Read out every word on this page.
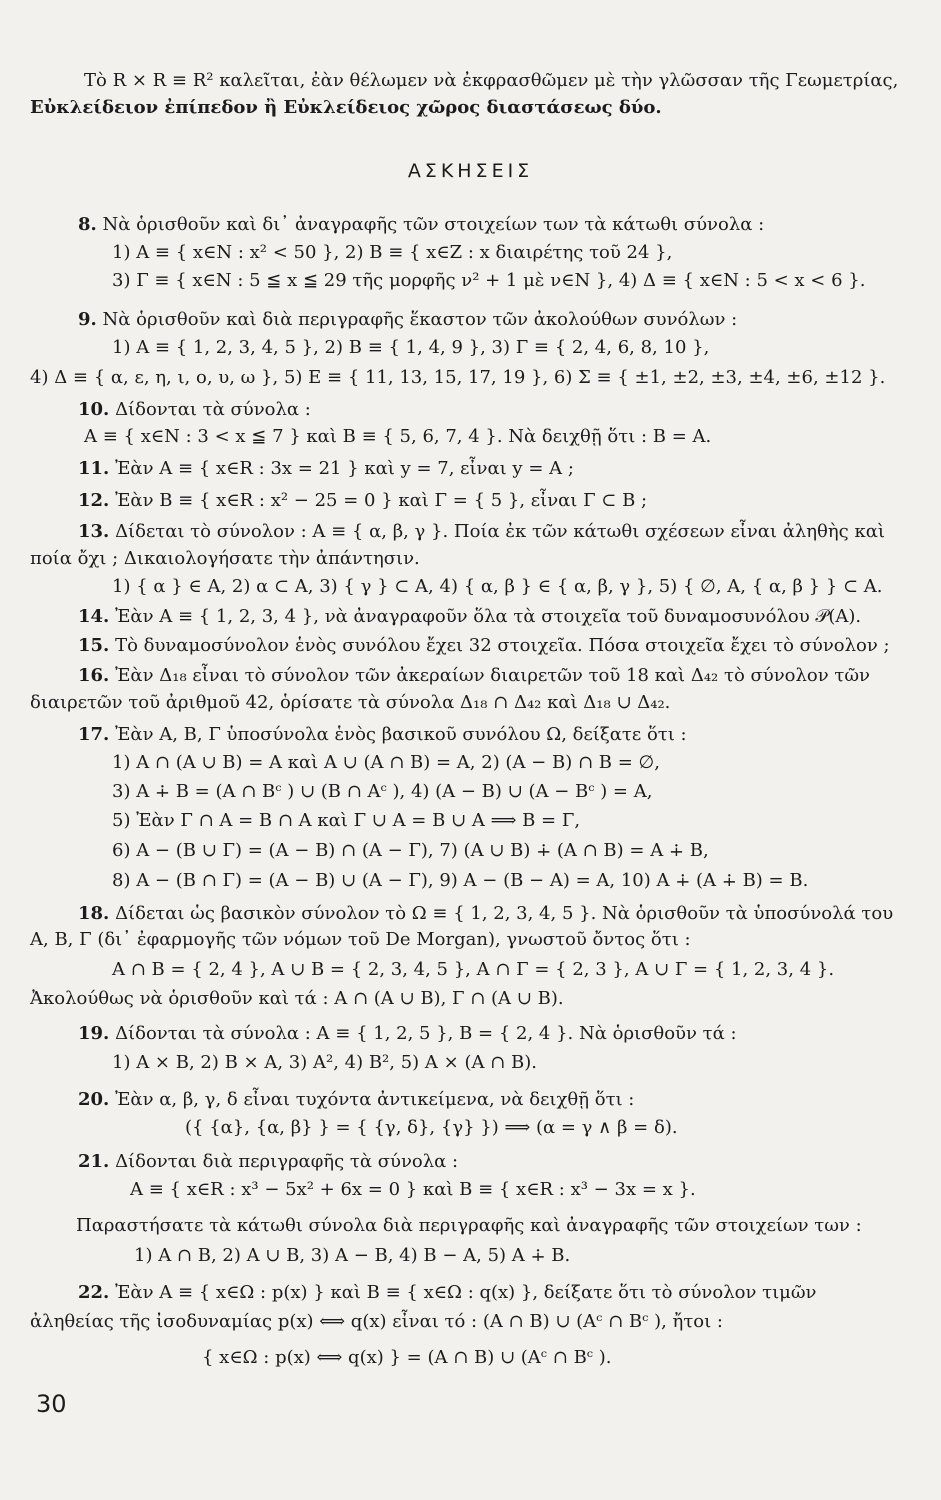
Τὸ R × R ≡ R² καλεῖται, ἐὰν θέλωμεν νὰ ἐκφρασθῶμεν μὲ τὴν γλῶσσαν τῆς Γεωμετρίας,
Εὐκλείδειον ἐπίπεδον ἢ Εὐκλείδειος χῶρος διαστάσεως δύο.
ΑΣΚΗΣΕΙΣ
8. Νὰ ὁρισθοῦν καὶ δι᾽ ἀναγραφῆς τῶν στοιχείων των τὰ κάτωθι σύνολα :
1) Α ≡ { x∈N : x² < 50 }, 2) Β ≡ { x∈Z : x διαιρέτης τοῦ 24 },
3) Γ ≡ { x∈N : 5 ≦ x ≦ 29 τῆς μορφῆς ν² + 1 μὲ ν∈N }, 4) Δ ≡ { x∈N : 5 < x < 6 }.
9. Νὰ ὁρισθοῦν καὶ διὰ περιγραφῆς ἕκαστον τῶν ἀκολούθων συνόλων :
1) Α ≡ { 1, 2, 3, 4, 5 }, 2) Β ≡ { 1, 4, 9 }, 3) Γ ≡ { 2, 4, 6, 8, 10 },
4) Δ ≡ { α, ε, η, ι, ο, υ, ω }, 5) Ε ≡ { 11, 13, 15, 17, 19 }, 6) Σ ≡ { ±1, ±2, ±3, ±4, ±6, ±12 }.
10. Δίδονται τὰ σύνολα :
Α ≡ { x∈N : 3 < x ≦ 7 } καὶ Β ≡ { 5, 6, 7, 4 }. Νὰ δειχθῇ ὅτι : Β = Α.
11. Ἐὰν Α ≡ { x∈R : 3x = 21 } καὶ y = 7, εἶναι y = Α ;
12. Ἐὰν Β ≡ { x∈R : x² − 25 = 0 } καὶ Γ = { 5 }, εἶναι Γ ⊂ Β ;
13. Δίδεται τὸ σύνολον : Α ≡ { α, β, γ }. Ποία ἐκ τῶν κάτωθι σχέσεων εἶναι ἀληθὴς καὶ
ποία ὄχι ; Δικαιολογήσατε τὴν ἀπάντησιν.
1) { α } ∈ Α, 2) α ⊂ Α, 3) { γ } ⊂ Α, 4) { α, β } ∈ { α, β, γ }, 5) { ∅, Α, { α, β } } ⊂ Α.
14. Ἐὰν Α ≡ { 1, 2, 3, 4 }, νὰ ἀναγραφοῦν ὅλα τὰ στοιχεῖα τοῦ δυναμοσυνόλου 𝒫(Α).
15. Τὸ δυναμοσύνολον ἑνὸς συνόλου ἔχει 32 στοιχεῖα. Πόσα στοιχεῖα ἔχει τὸ σύνολον ;
16. Ἐὰν Δ₁₈ εἶναι τὸ σύνολον τῶν ἀκεραίων διαιρετῶν τοῦ 18 καὶ Δ₄₂ τὸ σύνολον τῶν
διαιρετῶν τοῦ ἀριθμοῦ 42, ὁρίσατε τὰ σύνολα Δ₁₈ ∩ Δ₄₂ καὶ Δ₁₈ ∪ Δ₄₂.
17. Ἐὰν Α, Β, Γ ὑποσύνολα ἑνὸς βασικοῦ συνόλου Ω, δείξατε ὅτι :
1) Α ∩ (Α ∪ Β) = Α καὶ Α ∪ (Α ∩ Β) = Α, 2) (Α − Β) ∩ Β = ∅,
3) Α ∔ Β = (Α ∩ Βᶜ ) ∪ (Β ∩ Αᶜ ), 4) (Α − Β) ∪ (Α − Βᶜ ) = Α,
5) Ἐὰν Γ ∩ Α = Β ∩ Α καὶ Γ ∪ Α = Β ∪ Α ⟹ Β = Γ,
6) Α − (Β ∪ Γ) = (Α − Β) ∩ (Α − Γ), 7) (Α ∪ Β) ∔ (Α ∩ Β) = Α ∔ Β,
8) Α − (Β ∩ Γ) = (Α − Β) ∪ (Α − Γ), 9) Α − (Β − Α) = Α, 10) Α ∔ (Α ∔ Β) = Β.
18. Δίδεται ὡς βασικὸν σύνολον τὸ Ω ≡ { 1, 2, 3, 4, 5 }. Νὰ ὁρισθοῦν τὰ ὑποσύνολά του
Α, Β, Γ (δι᾽ ἐφαρμογῆς τῶν νόμων τοῦ De Morgan), γνωστοῦ ὄντος ὅτι :
Α ∩ Β = { 2, 4 }, Α ∪ Β = { 2, 3, 4, 5 }, Α ∩ Γ = { 2, 3 }, Α ∪ Γ = { 1, 2, 3, 4 }.
Ἀκολούθως νὰ ὁρισθοῦν καὶ τά : Α ∩ (Α ∪ Β), Γ ∩ (Α ∪ Β).
19. Δίδονται τὰ σύνολα : Α ≡ { 1, 2, 5 }, Β = { 2, 4 }. Νὰ ὁρισθοῦν τά :
1) Α × Β, 2) Β × Α, 3) Α², 4) Β², 5) Α × (Α ∩ Β).
20. Ἐὰν α, β, γ, δ εἶναι τυχόντα ἀντικείμενα, νὰ δειχθῇ ὅτι :
({ {α}, {α, β} } = { {γ, δ}, {γ} }) ⟹ (α = γ ∧ β = δ).
21. Δίδονται διὰ περιγραφῆς τὰ σύνολα :
Α ≡ { x∈R : x³ − 5x² + 6x = 0 } καὶ Β ≡ { x∈R : x³ − 3x = x }.
Παραστήσατε τὰ κάτωθι σύνολα διὰ περιγραφῆς καὶ ἀναγραφῆς τῶν στοιχείων των :
1) Α ∩ Β, 2) Α ∪ Β, 3) Α − Β, 4) Β − Α, 5) Α ∔ Β.
22. Ἐὰν Α ≡ { x∈Ω : p(x) } καὶ Β ≡ { x∈Ω : q(x) }, δείξατε ὅτι τὸ σύνολον τιμῶν
ἀληθείας τῆς ἰσοδυναμίας p(x) ⟺ q(x) εἶναι τό : (Α ∩ Β) ∪ (Αᶜ ∩ Βᶜ ), ἤτοι :
{ x∈Ω : p(x) ⟺ q(x) } = (Α ∩ Β) ∪ (Αᶜ ∩ Βᶜ ).
30
